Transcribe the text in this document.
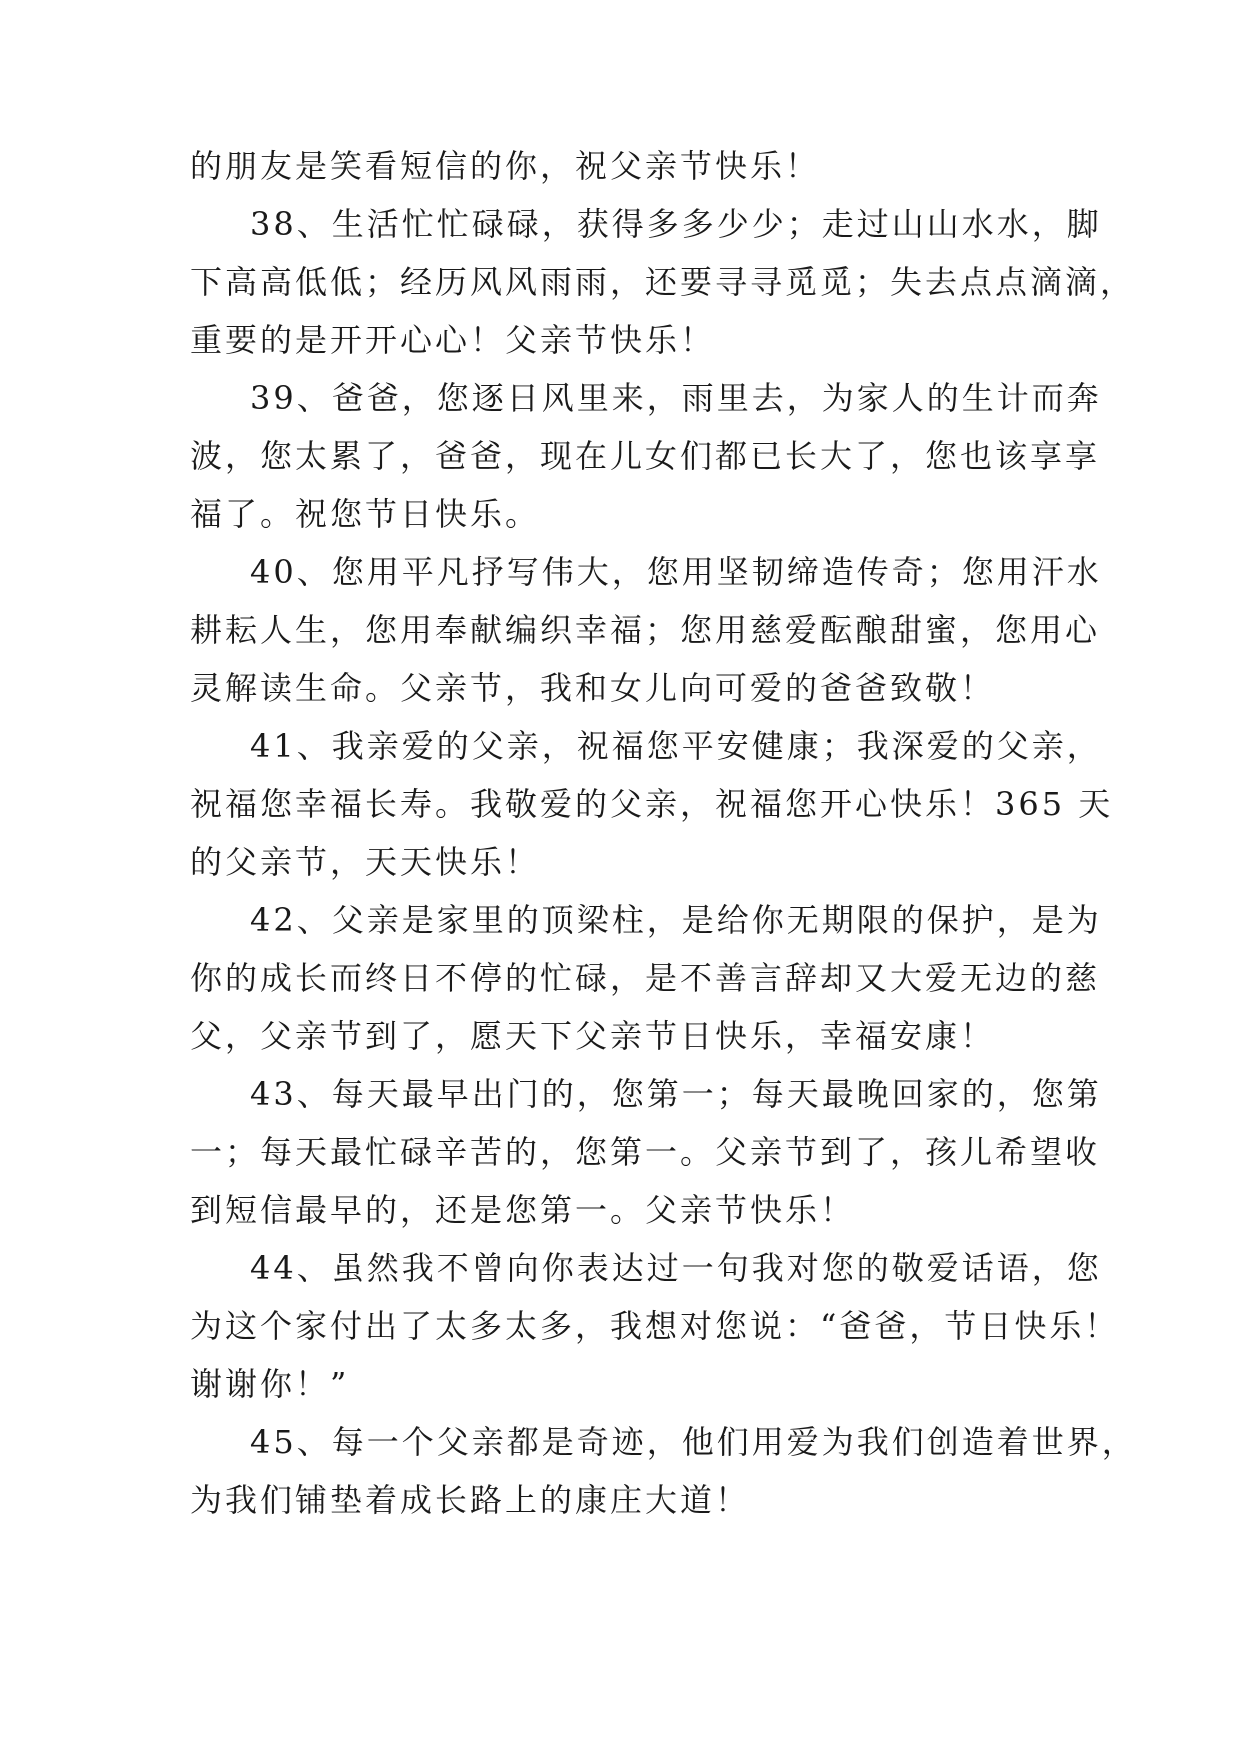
的朋友是笑看短信的你，祝父亲节快乐！
38、生活忙忙碌碌，获得多多少少；走过山山水水，脚
下高高低低；经历风风雨雨，还要寻寻觅觅；失去点点滴滴，
重要的是开开心心！父亲节快乐！
39、爸爸，您逐日风里来，雨里去，为家人的生计而奔
波，您太累了，爸爸，现在儿女们都已长大了，您也该享享
福了。祝您节日快乐。
40、您用平凡抒写伟大，您用坚韧缔造传奇；您用汗水
耕耘人生，您用奉献编织幸福；您用慈爱酝酿甜蜜，您用心
灵解读生命。父亲节，我和女儿向可爱的爸爸致敬！
41、我亲爱的父亲，祝福您平安健康；我深爱的父亲，
祝福您幸福长寿。我敬爱的父亲，祝福您开心快乐！365 天
的父亲节，天天快乐！
42、父亲是家里的顶梁柱，是给你无期限的保护，是为
你的成长而终日不停的忙碌，是不善言辞却又大爱无边的慈
父，父亲节到了，愿天下父亲节日快乐，幸福安康！
43、每天最早出门的，您第一；每天最晚回家的，您第
一；每天最忙碌辛苦的，您第一。父亲节到了，孩儿希望收
到短信最早的，还是您第一。父亲节快乐！
44、虽然我不曾向你表达过一句我对您的敬爱话语，您
为这个家付出了太多太多，我想对您说：“爸爸，节日快乐！
谢谢你！”
45、每一个父亲都是奇迹，他们用爱为我们创造着世界，
为我们铺垫着成长路上的康庄大道！
